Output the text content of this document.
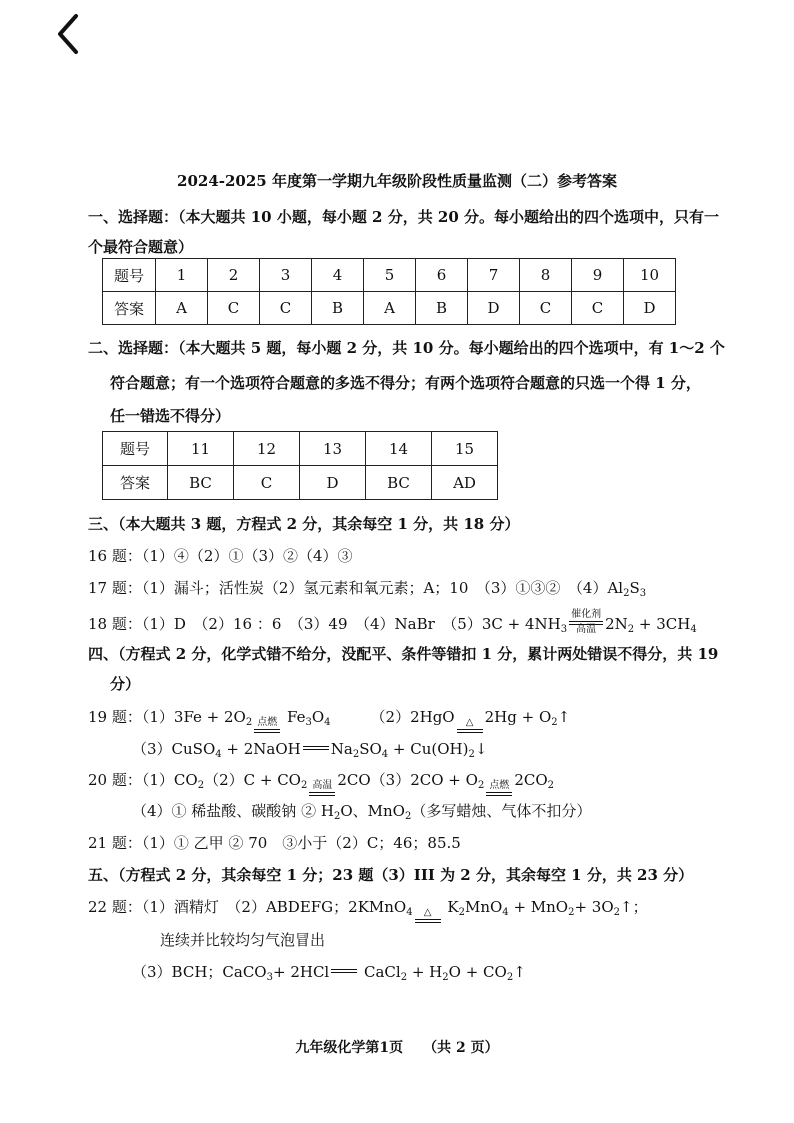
2024-2025 年度第一学期九年级阶段性质量监测（二）参考答案
一、选择题：（本大题共 10 小题，每小题 2 分，共 20 分。每小题给出的四个选项中，只有一
个最符合题意）
题号	1	2	3	4	5	6	7	8	9	10
答案	A	C	C	B	A	B	D	C	C	D
二、选择题：（本大题共 5 题，每小题 2 分，共 10 分。每小题给出的四个选项中，有 1～2 个
符合题意；有一个选项符合题意的多选不得分；有两个选项符合题意的只选一个得 1 分，
任一错选不得分）
题号	11	12	13	14	15
答案	BC	C	D	BC	AD
三、（本大题共 3 题，方程式 2 分，其余每空 1 分，共 18 分）
16 题：（1）④（2）①（3）②（4）③
17 题：（1）漏斗；活性炭（2）氢元素和氧元素；A；10　（3）①③②　$(4)Al_2S_3$
18 题：（1）D　（2）16 ：6　（3）49　（4）NaBr　$(5)3C + 4NH_3$
催化剂
高温 $2N_2 + 3CH_4$
四、（方程式 2 分，化学式错不给分，没配平、条件等错扣 1 分，累计两处错误不得分，共 19
分）
19 题：$(1)3Fe + 2O_2$ 点燃 $Fe_3O_4$	（2）2HgO	△ $2Hg + O_2↑$
（3）CuSO$_4$ + 2NaOH $Na_2SO_4$ + $Cu(OH)_2↓$
20 题：$(1)CO_2(2)C + CO_2$ 高温 $2CO(3)2CO + O_2$ 点燃 $2CO_2$
（4）① 稀盐酸、碳酸钠 ② $H_2O$、MnO$_2$（多写蜡烛、气体不扣分）
21 题：（1）① 乙甲 ② 70　③小于（2）C；46；85.5
五、（方程式 2 分，其余每空 1 分；23 题（3）III 为 2 分，其余每空 1 分，共 23 分）
22 题：（1）酒精灯　（2）ABDEFG；2KMnO$_4$	△ $K_2MnO_4 + MnO_2+$ $3O_2↑$；
连续并比较均匀气泡冒出
（3）BCH；CaCO$_3$+ 2HCl CaCl$_2$ + $H_2O$ + $CO_2↑$
九年级化学第1页 （共 2 页）
